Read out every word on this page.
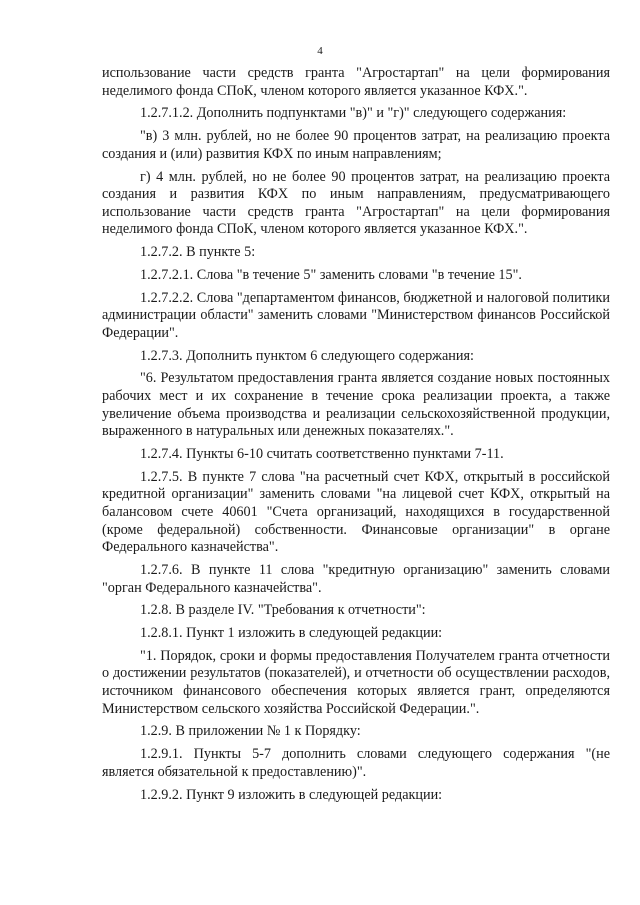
4

использование части средств гранта "Агростартап" на цели формирования неделимого фонда СПоК, членом которого является указанное КФХ.".

1.2.7.1.2. Дополнить подпунктами "в)" и "г)" следующего содержания:

"в) 3 млн. рублей, но не более 90 процентов затрат, на реализацию проекта создания и (или) развития КФХ по иным направлениям;

г) 4 млн. рублей, но не более 90 процентов затрат, на реализацию проекта создания и развития КФХ по иным направлениям, предусматривающего использование части средств гранта "Агростартап" на цели формирования неделимого фонда СПоК, членом которого является указанное КФХ.".

1.2.7.2. В пункте 5:

1.2.7.2.1. Слова "в течение 5" заменить словами "в течение 15".

1.2.7.2.2. Слова "департаментом финансов, бюджетной и налоговой политики администрации области" заменить словами "Министерством финансов Российской Федерации".

1.2.7.3. Дополнить пунктом 6 следующего содержания:

"6. Результатом предоставления гранта является создание новых постоянных рабочих мест и их сохранение в течение срока реализации проекта, а также увеличение объема производства и реализации сельскохозяйственной продукции, выраженного в натуральных или денежных показателях.".

1.2.7.4. Пункты 6-10 считать соответственно пунктами 7-11.

1.2.7.5. В пункте 7 слова "на расчетный счет КФХ, открытый в российской кредитной организации" заменить словами "на лицевой счет КФХ, открытый на балансовом счете 40601 "Счета организаций, находящихся в государственной (кроме федеральной) собственности. Финансовые организации" в органе Федерального казначейства".

1.2.7.6. В пункте 11 слова "кредитную организацию" заменить словами "орган Федерального казначейства".

1.2.8. В разделе IV. "Требования к отчетности":

1.2.8.1. Пункт 1 изложить в следующей редакции:

"1. Порядок, сроки и формы предоставления Получателем гранта отчетности о достижении результатов (показателей), и отчетности об осуществлении расходов, источником финансового обеспечения которых является грант, определяются Министерством сельского хозяйства Российской Федерации.".

1.2.9. В приложении № 1 к Порядку:

1.2.9.1. Пункты 5-7 дополнить словами следующего содержания "(не является обязательной к предоставлению)".

1.2.9.2. Пункт 9 изложить в следующей редакции:
